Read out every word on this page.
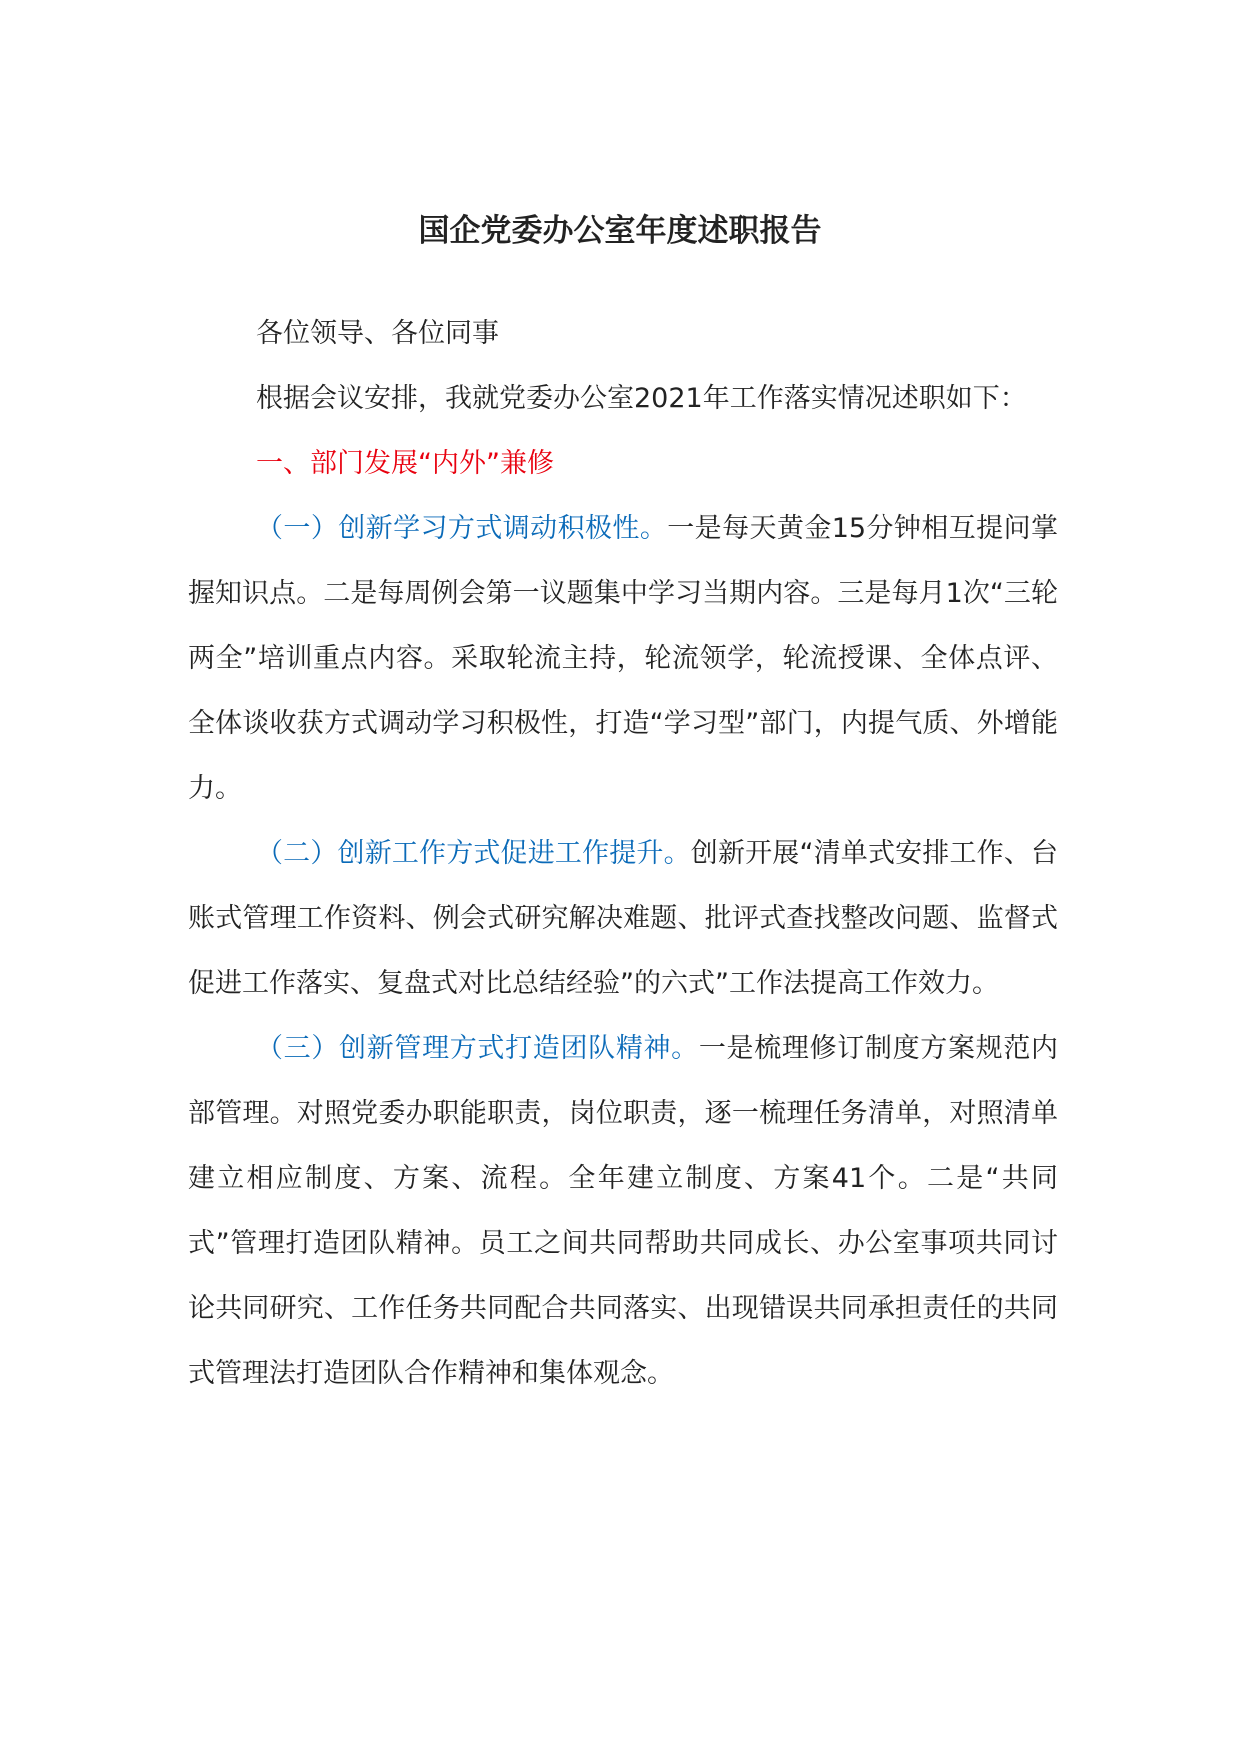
国企党委办公室年度述职报告

各位领导、各位同事

根据会议安排，我就党委办公室2021年工作落实情况述职如下：

一、部门发展“内外”兼修

（一）创新学习方式调动积极性。一是每天黄金15分钟相互提问掌握知识点。二是每周例会第一议题集中学习当期内容。三是每月1次“三轮两全”培训重点内容。采取轮流主持，轮流领学，轮流授课、全体点评、全体谈收获方式调动学习积极性，打造“学习型”部门，内提气质、外增能力。

（二）创新工作方式促进工作提升。创新开展“清单式安排工作、台账式管理工作资料、例会式研究解决难题、批评式查找整改问题、监督式促进工作落实、复盘式对比总结经验”的六式”工作法提高工作效力。

（三）创新管理方式打造团队精神。一是梳理修订制度方案规范内部管理。对照党委办职能职责，岗位职责，逐一梳理任务清单，对照清单建立相应制度、方案、流程。全年建立制度、方案41个。二是“共同式”管理打造团队精神。员工之间共同帮助共同成长、办公室事项共同讨论共同研究、工作任务共同配合共同落实、出现错误共同承担责任的共同式管理法打造团队合作精神和集体观念。
